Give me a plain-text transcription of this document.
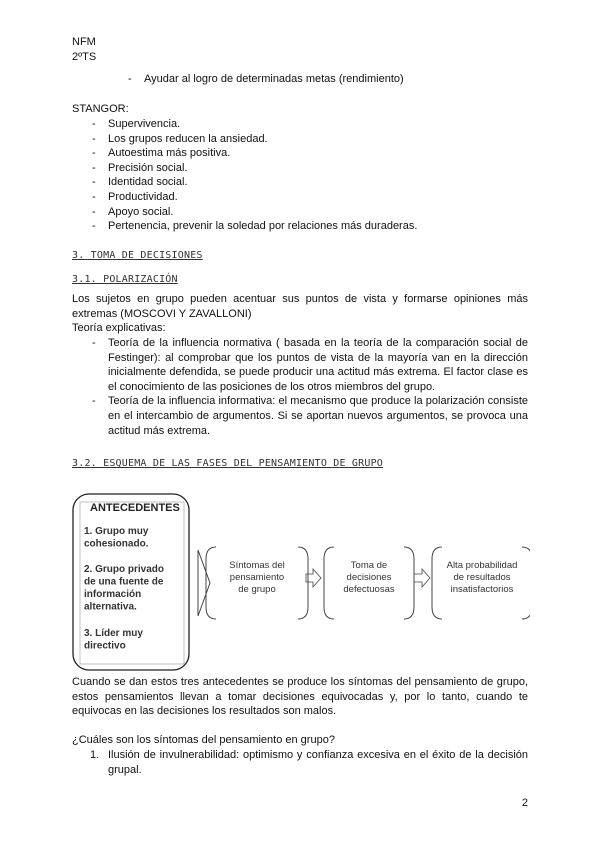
NFM
2ºTS
- Ayudar al logro de determinadas metas (rendimiento)
STANGOR:
- Supervivencia.
- Los grupos reducen la ansiedad.
- Autoestima más positiva.
- Precisión social.
- Identidad social.
- Productividad.
- Apoyo social.
- Pertenencia, prevenir la soledad por relaciones más duraderas.
3. TOMA DE DECISIONES
3.1. POLARIZACIÓN
Los sujetos en grupo pueden acentuar sus puntos de vista y formarse opiniones más extremas (MOSCOVI Y ZAVALLONI)
Teoría explicativas:
- Teoría de la influencia normativa ( basada en la teoría de la comparación social de Festinger): al comprobar que los puntos de vista de la mayoría van en la dirección inicialmente defendida, se puede producir una actitud más extrema. El factor clase es el conocimiento de las posiciones de los otros miembros del grupo.
- Teoría de la influencia informativa: el mecanismo que produce la polarización consiste en el intercambio de argumentos. Si se aportan nuevos argumentos, se provoca una actitud más extrema.
3.2. ESQUEMA DE LAS FASES DEL PENSAMIENTO DE GRUPO
ANTECEDENTES
1. Grupo muy
cohesionado.
2. Grupo privado
de una fuente de
información
alternativa.
3. Líder muy
directivo
Síntomas del
pensamiento
de grupo
Toma de
decisiones
defectuosas
Alta probabilidad
de resultados
insatisfactorios
Cuando se dan estos tres antecedentes se produce los síntomas del pensamiento de grupo, estos pensamientos llevan a tomar decisiones equivocadas y, por lo tanto, cuando te equivocas en las decisiones los resultados son malos.
¿Cuáles son los síntomas del pensamiento en grupo?
1. Ilusión de invulnerabilidad: optimismo y confianza excesiva en el éxito de la decisión grupal.
2
